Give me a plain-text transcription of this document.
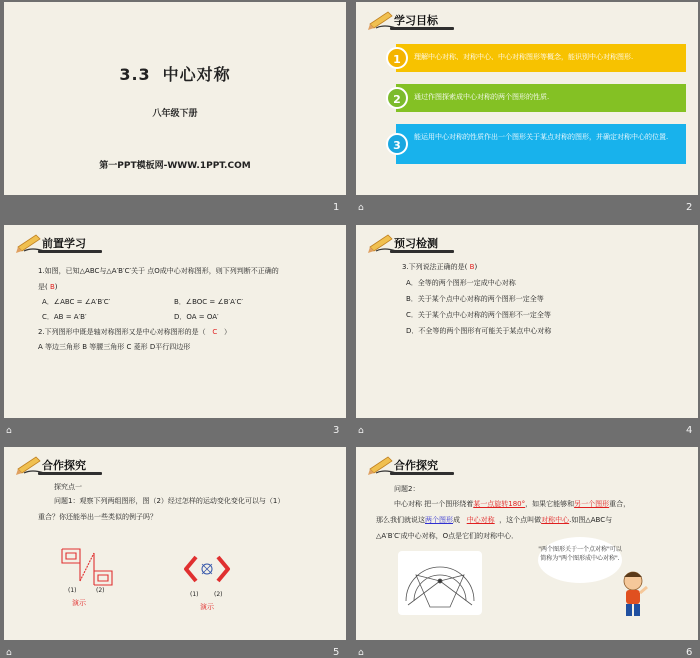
3.3 中心对称
八年级下册
第一PPT模板网-WWW.1PPT.COM
1
学习目标
1	理解中心对称、对称中心、中心对称图形等概念，能识别中心对称图形.
2	通过作图探索成中心对称的两个图形的性质.
3
能运用中心对称的性质作出一个图形关于某点对称的图形，并确定对称中心的位置.
⌂	2
前置学习
1.如图，已知△ABC与△A′B′C′关于 点O成中心对称图形，则下列判断不正确的
是( B)
A．∠ABC = ∠A′B′C′	B．∠BOC = ∠B′A′C′
C．AB = A′B′	D．OA = OA′
2.下列图形中既是轴对称图形又是中心对称图形的是（ C ）
A 等边三角形 B 等腰三角形 C 菱形 D平行四边形
⌂	3
预习检测
3.下列说法正确的是( B)
A．全等的两个图形一定成中心对称
B．关于某个点中心对称的两个图形一定全等
C．关于某个点中心对称的两个图形不一定全等
D．不全等的两个图形有可能关于某点中心对称
⌂	4
合作探究
探究点一
问题1：观察下列两组图形，图（2）经过怎样的运动变化变化可以与（1）
重合？你还能举出一些类似的例子吗？
(1)	(2)
演示
(1)	(2)
演示
⌂	5
合作探究
问题2：
中心对称 把一个图形绕着某一点旋转180°，如果它能够和另一个图形重合，
那么我们就说这两个图形成 中心对称 ，这个点叫做对称中心.如图△ABC与
△A′B′C′成中心对称，O点是它们的对称中心．
"两个图形关于一个点对称"可以简称为"两个图形成中心对称".
⌂	6
